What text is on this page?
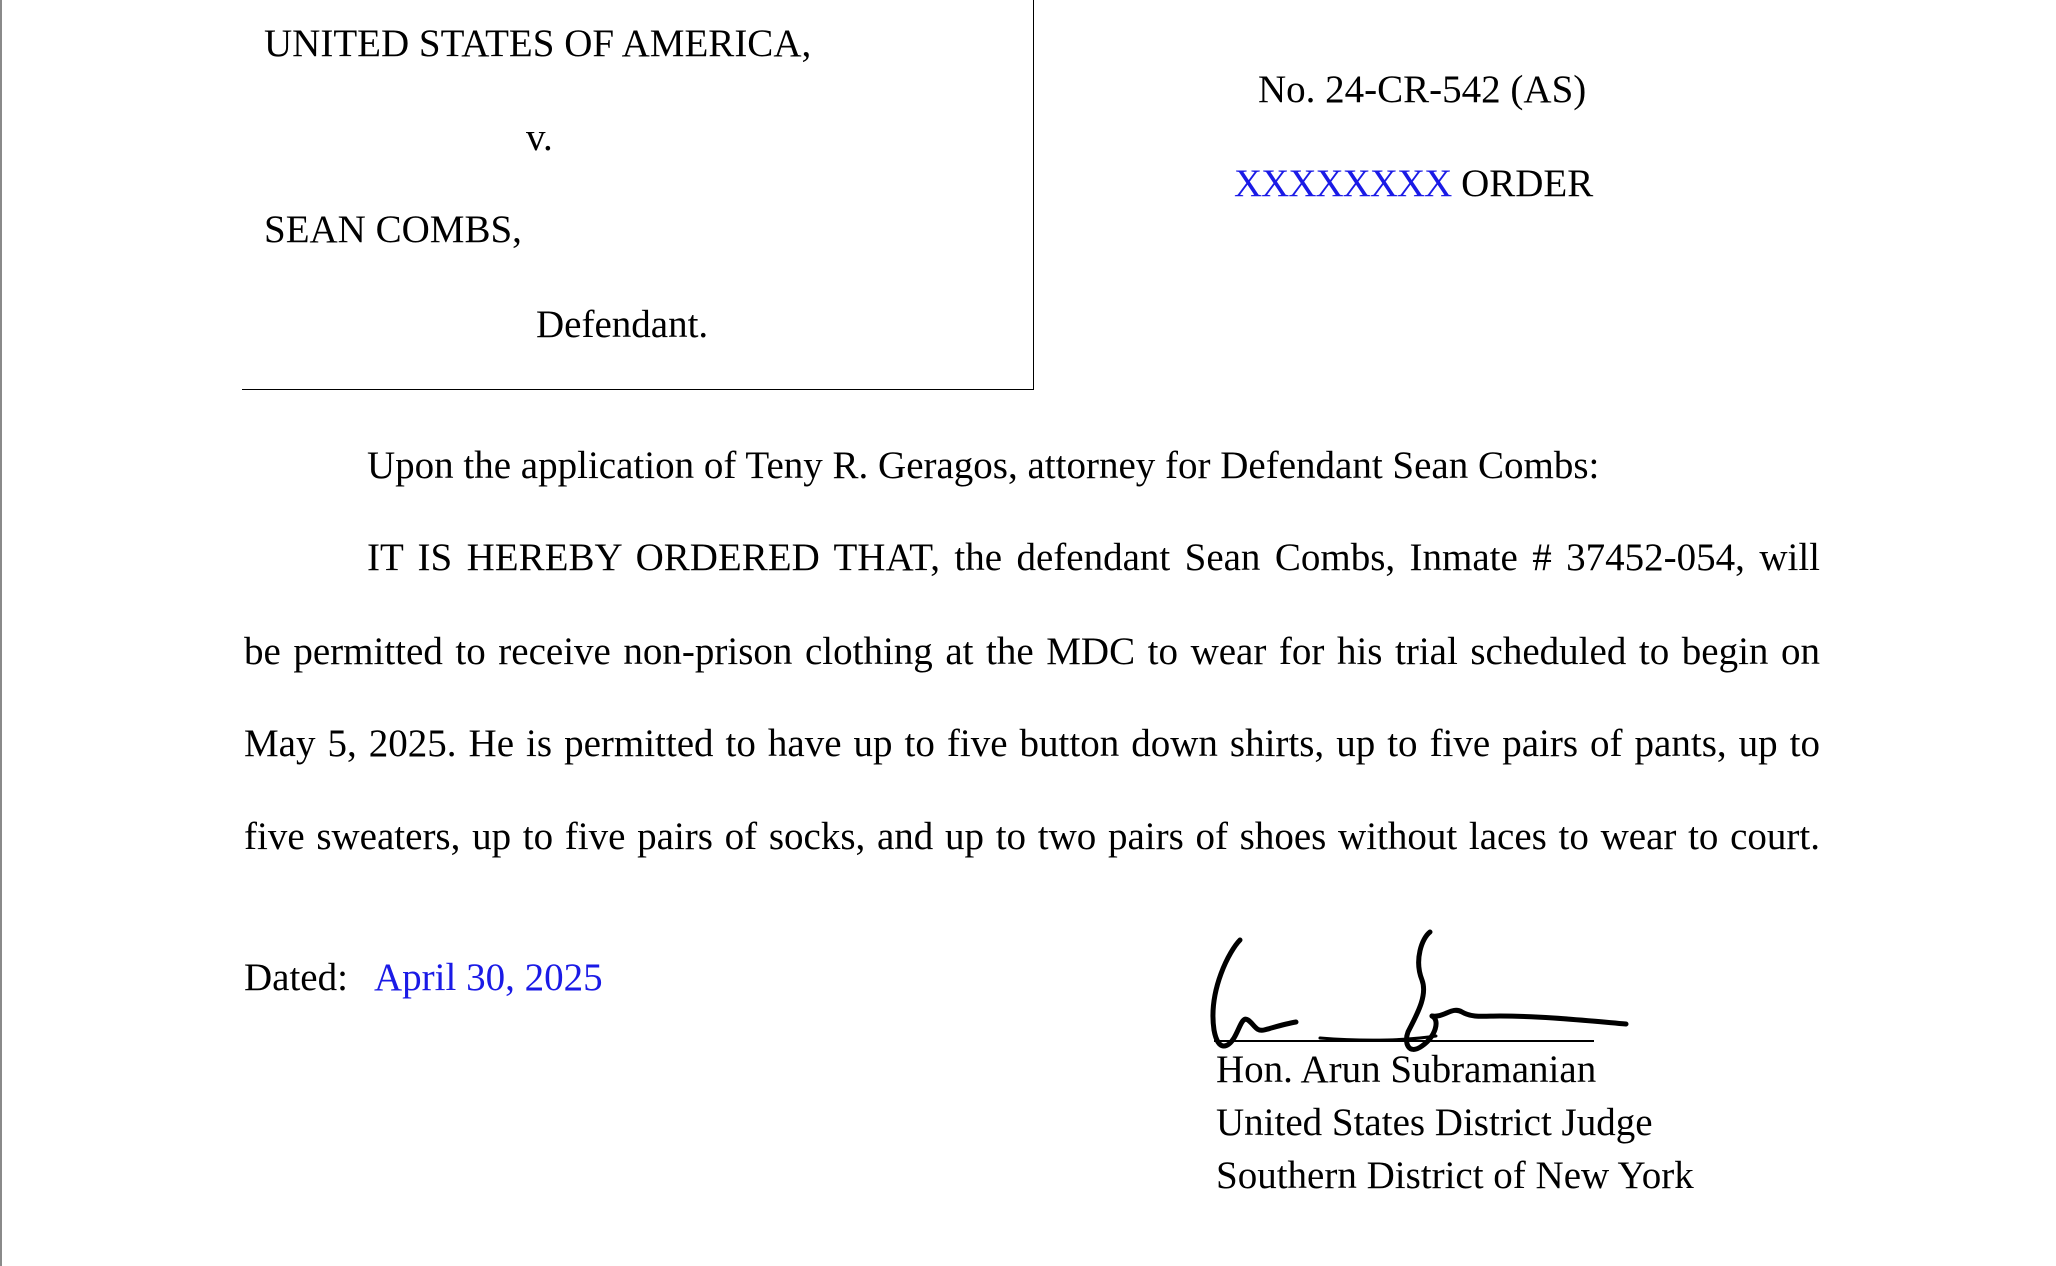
UNITED STATES OF AMERICA,
v.
SEAN COMBS,
Defendant.
No. 24-CR-542 (AS)
XXXXXXXX ORDER
Upon the application of Teny R. Geragos, attorney for Defendant Sean Combs:
IT IS HEREBY ORDERED THAT, the defendant Sean Combs, Inmate # 37452-054, will
be permitted to receive non-prison clothing at the MDC to wear for his trial scheduled to begin on
May 5, 2025. He is permitted to have up to five button down shirts, up to five pairs of pants, up to
five sweaters, up to five pairs of socks, and up to two pairs of shoes without laces to wear to court.
Dated: April 30, 2025
Hon. Arun Subramanian
United States District Judge
Southern District of New York
